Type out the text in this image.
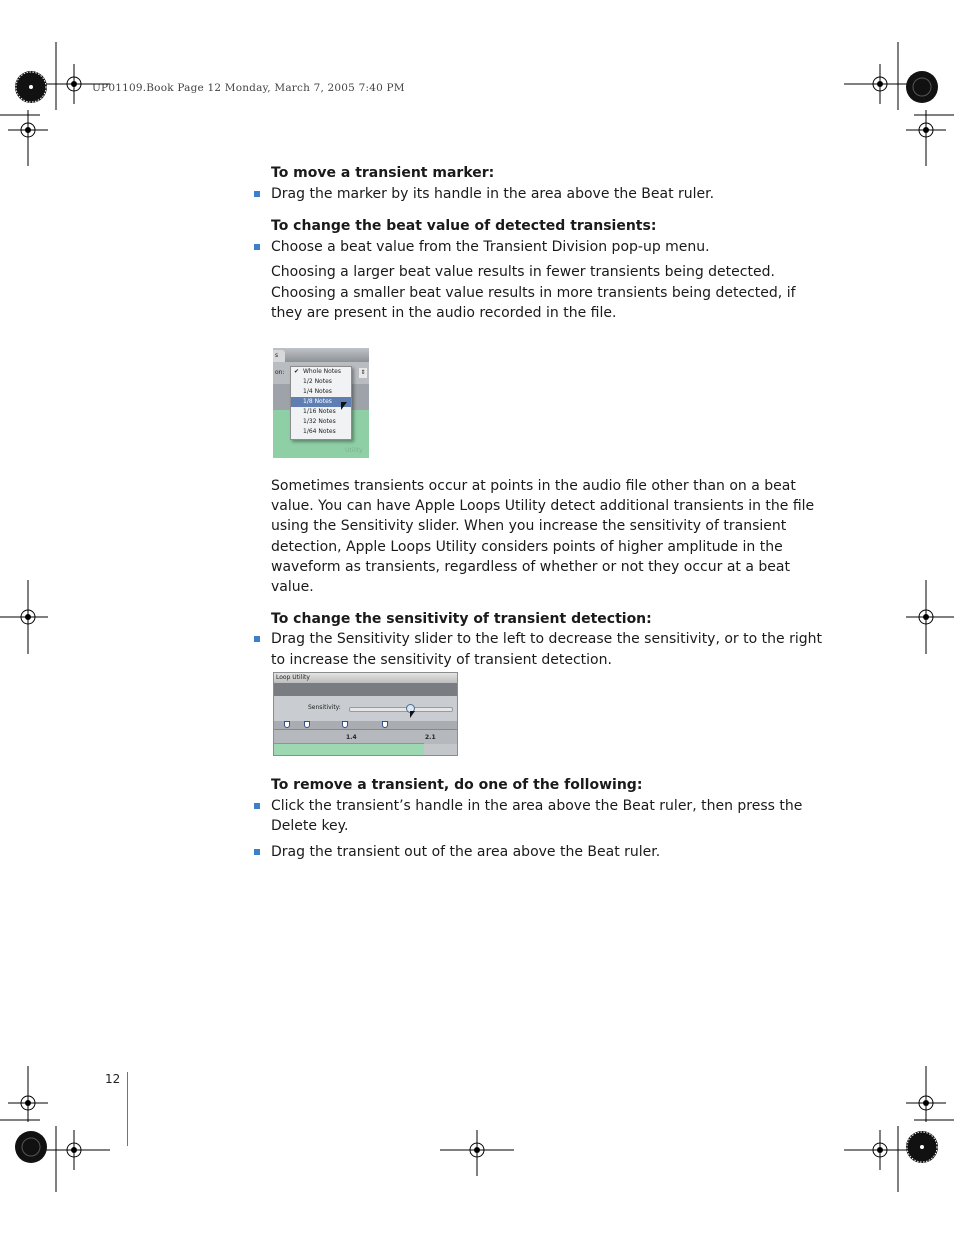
UP01109.Book Page 12 Monday, March 7, 2005 7:40 PM

To move a transient marker:

Drag the marker by its handle in the area above the Beat ruler.

To change the beat value of detected transients:

Choose a beat value from the Transient Division pop-up menu.

Choosing a larger beat value results in fewer transients being detected. Choosing a smaller beat value results in more transients being detected, if they are present in the audio recorded in the file.

s
on:	⇕
Utility
✔ Whole Notes
1/2 Notes
1/4 Notes
1/8 Notes
1/16 Notes
1/32 Notes
1/64 Notes

Sometimes transients occur at points in the audio file other than on a beat value. You can have Apple Loops Utility detect additional transients in the file using the Sensitivity slider. When you increase the sensitivity of transient detection, Apple Loops Utility considers points of higher amplitude in the waveform as transients, regardless of whether or not they occur at a beat value.

To change the sensitivity of transient detection:

Drag the Sensitivity slider to the left to decrease the sensitivity, or to the right to increase the sensitivity of transient detection.

Loop Utility
Sensitivity:
1.4	2.1

To remove a transient, do one of the following:

Click the transient’s handle in the area above the Beat ruler, then press the Delete key.

Drag the transient out of the area above the Beat ruler.

12
